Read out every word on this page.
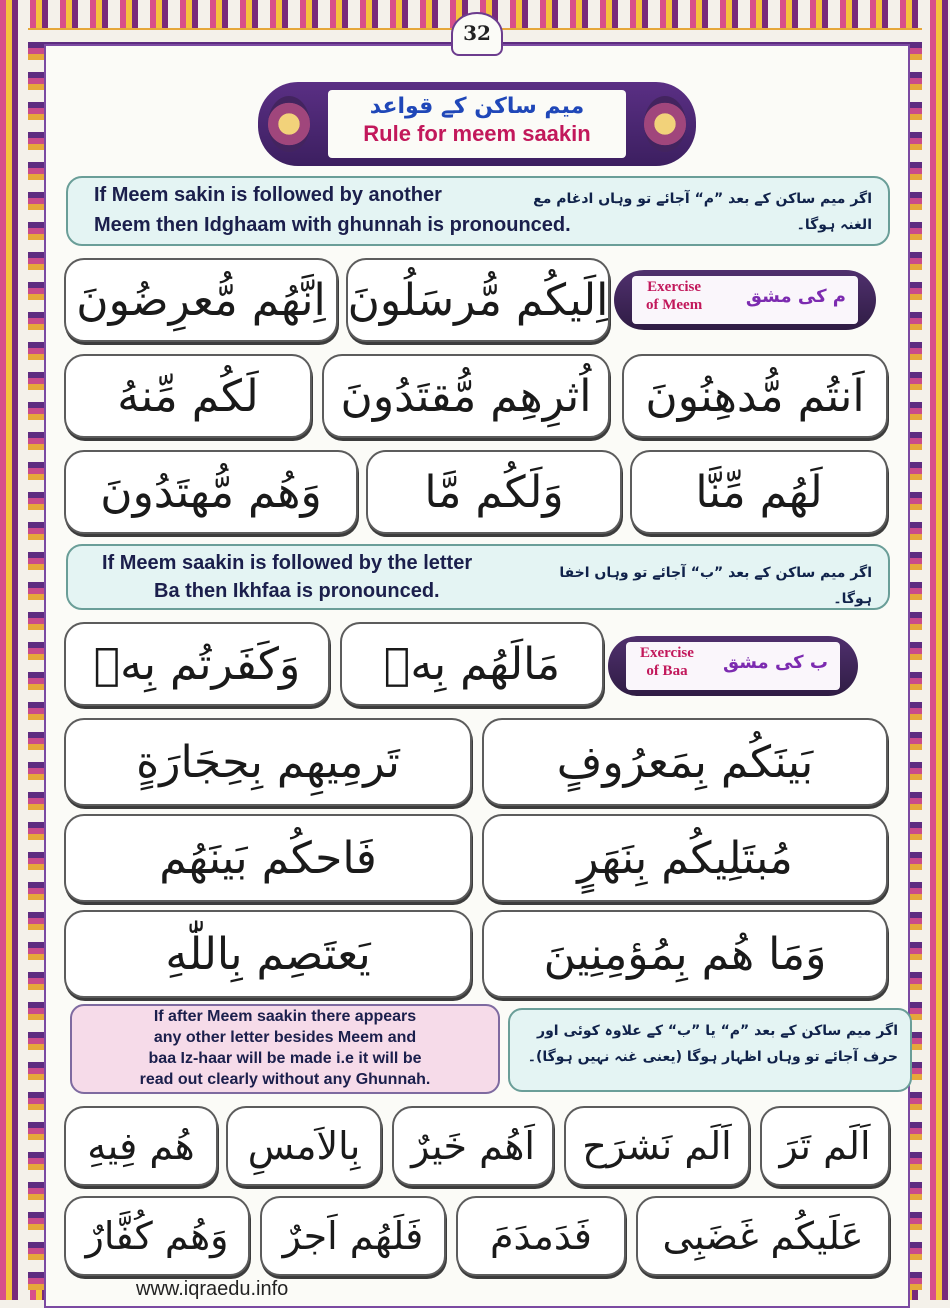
32
میم ساکن کے قواعد
Rule for meem saakin
If Meem sakin is followed by another
Meem then Idghaam with ghunnah is pronounced.
اگر میم ساکن کے بعد ”م“ آجائے تو وہاں ادغام مع الغنہ ہوگا۔
م کی مشق
Exercise
of Meem
اِلَیکُم مُّرسَلُونَ
اِنَّھُم مُّعرِضُونَ
اَنتُم مُّدهِنُونَ
اُثرِهِم مُّقتَدُونَ
لَکُم مِّنهُ
لَهُم مِّنَّا
وَلَکُم مَّا
وَهُم مُّهتَدُونَ
If Meem saakin is followed by the letter
Ba then Ikhfaa is pronounced.
اگر میم ساکن کے بعد ”ب“ آجائے تو وہاں اخفا ہوگا۔
ب کی مشق
Exercise
of Baa
مَالَهُم بِهٖ
وَکَفَرتُم بِهٖ
بَینَکُم بِمَعرُوفٍ
تَرمِیهِم بِحِجَارَةٍ
مُبتَلِیکُم بِنَهَرٍ
فَاحکُم بَینَهُم
وَمَا هُم بِمُؤمِنِینَ
یَعتَصِم بِاللّٰهِ
If after Meem saakin there appears
any other letter besides Meem and
baa Iz-haar will be made i.e it will be
read out clearly without any Ghunnah.
اگر میم ساکن کے بعد ”م“ یا ”ب“ کے علاوہ کوئی اور
حرف آجائے تو وہاں اظہار ہوگا (یعنی غنہ نہیں ہوگا)۔
اَلَم تَرَ
اَلَم نَشرَح
اَهُم خَیرٌ
بِالاَمسِ
هُم فِیهِ
عَلَیکُم غَضَبِی
فَدَمدَمَ
فَلَهُم اَجرٌ
وَهُم کُفَّارٌ
www.iqraedu.info
